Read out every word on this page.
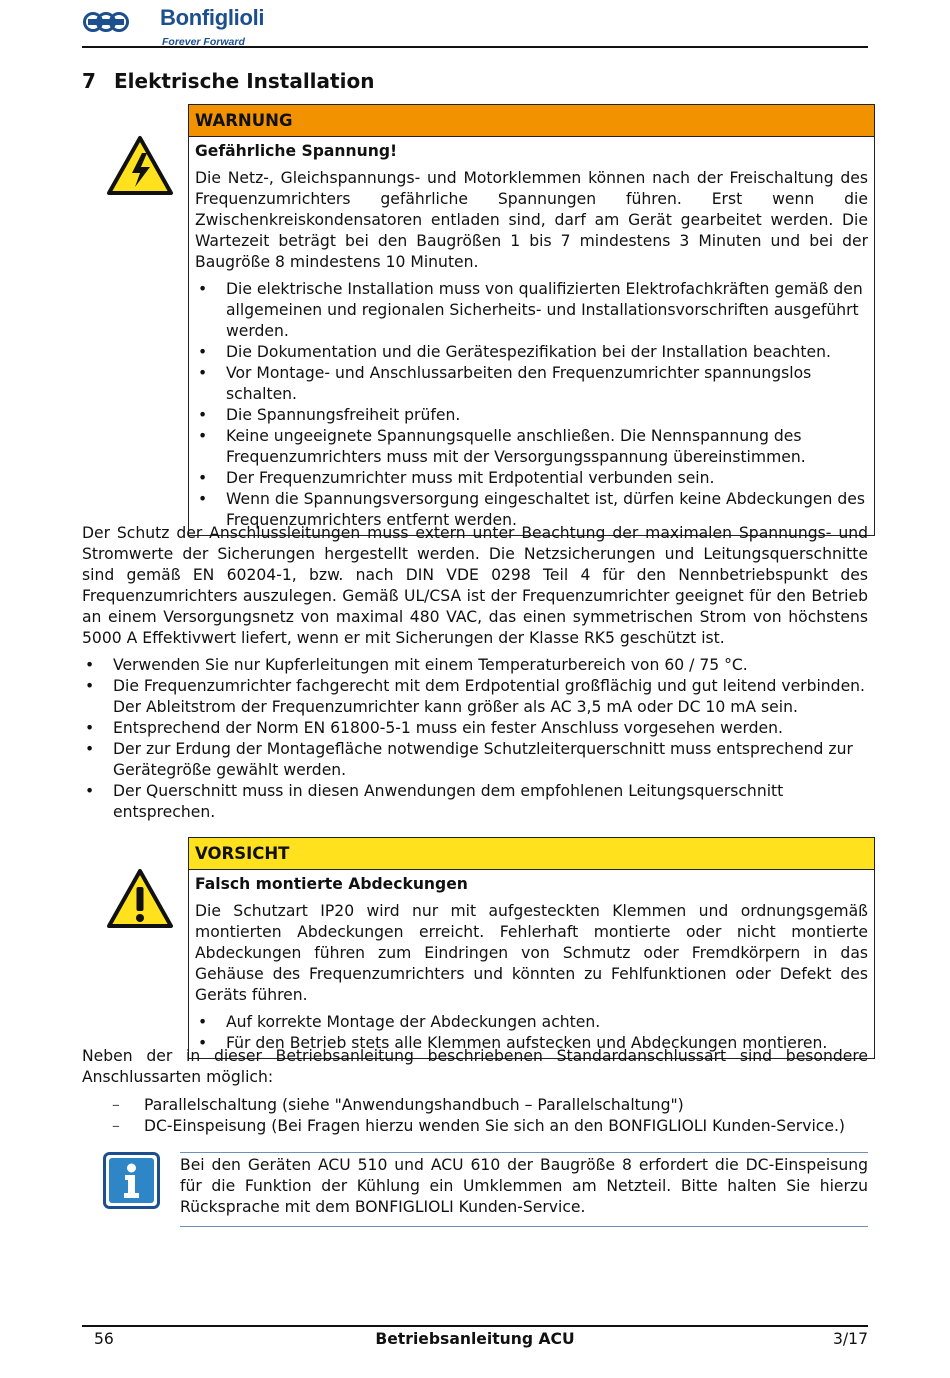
Bonfiglioli
Forever Forward
7 Elektrische Installation
WARNUNG
Gefährliche Spannung!
Die Netz-, Gleichspannungs- und Motorklemmen können nach der Freischaltung des Frequenzumrichters gefährliche Spannungen führen. Erst wenn die Zwischenkreiskondensatoren entladen sind, darf am Gerät gearbeitet werden. Die Wartezeit beträgt bei den Baugrößen 1 bis 7 mindestens 3 Minuten und bei der Baugröße 8 mindestens 10 Minuten.
• Die elektrische Installation muss von qualifizierten Elektrofachkräften gemäß den allgemeinen und regionalen Sicherheits- und Installationsvorschriften ausgeführt werden.
• Die Dokumentation und die Gerätespezifikation bei der Installation beachten.
• Vor Montage- und Anschlussarbeiten den Frequenzumrichter spannungslos schalten.
• Die Spannungsfreiheit prüfen.
• Keine ungeeignete Spannungsquelle anschließen. Die Nennspannung des Frequenzumrichters muss mit der Versorgungsspannung übereinstimmen.
• Der Frequenzumrichter muss mit Erdpotential verbunden sein.
• Wenn die Spannungsversorgung eingeschaltet ist, dürfen keine Abdeckungen des Frequenzumrichters entfernt werden.
Der Schutz der Anschlussleitungen muss extern unter Beachtung der maximalen Spannungs- und Stromwerte der Sicherungen hergestellt werden. Die Netzsicherungen und Leitungsquerschnitte sind gemäß EN 60204-1, bzw. nach DIN VDE 0298 Teil 4 für den Nennbetriebspunkt des Frequenzumrichters auszulegen. Gemäß UL/CSA ist der Frequenzumrichter geeignet für den Betrieb an einem Versorgungsnetz von maximal 480 VAC, das einen symmetrischen Strom von höchstens 5000 A Effektivwert liefert, wenn er mit Sicherungen der Klasse RK5 geschützt ist.
• Verwenden Sie nur Kupferleitungen mit einem Temperaturbereich von 60 / 75 °C.
• Die Frequenzumrichter fachgerecht mit dem Erdpotential großflächig und gut leitend verbinden. Der Ableitstrom der Frequenzumrichter kann größer als AC 3,5 mA oder DC 10 mA sein.
• Entsprechend der Norm EN 61800-5-1 muss ein fester Anschluss vorgesehen werden.
• Der zur Erdung der Montagefläche notwendige Schutzleiterquerschnitt muss entsprechend zur Gerätegröße gewählt werden.
• Der Querschnitt muss in diesen Anwendungen dem empfohlenen Leitungsquerschnitt entsprechen.
VORSICHT
Falsch montierte Abdeckungen
Die Schutzart IP20 wird nur mit aufgesteckten Klemmen und ordnungsgemäß montierten Abdeckungen erreicht. Fehlerhaft montierte oder nicht montierte Abdeckungen führen zum Eindringen von Schmutz oder Fremdkörpern in das Gehäuse des Frequenzumrichters und könnten zu Fehlfunktionen oder Defekt des Geräts führen.
• Auf korrekte Montage der Abdeckungen achten.
• Für den Betrieb stets alle Klemmen aufstecken und Abdeckungen montieren.
Neben der in dieser Betriebsanleitung beschriebenen Standardanschlussart sind besondere Anschlussarten möglich:
– Parallelschaltung (siehe "Anwendungshandbuch – Parallelschaltung")
– DC-Einspeisung (Bei Fragen hierzu wenden Sie sich an den BONFIGLIOLI Kunden-Service.)
Bei den Geräten ACU 510 und ACU 610 der Baugröße 8 erfordert die DC-Einspeisung für die Funktion der Kühlung ein Umklemmen am Netzteil. Bitte halten Sie hierzu Rücksprache mit dem BONFIGLIOLI Kunden-Service.
56	Betriebsanleitung ACU	3/17
